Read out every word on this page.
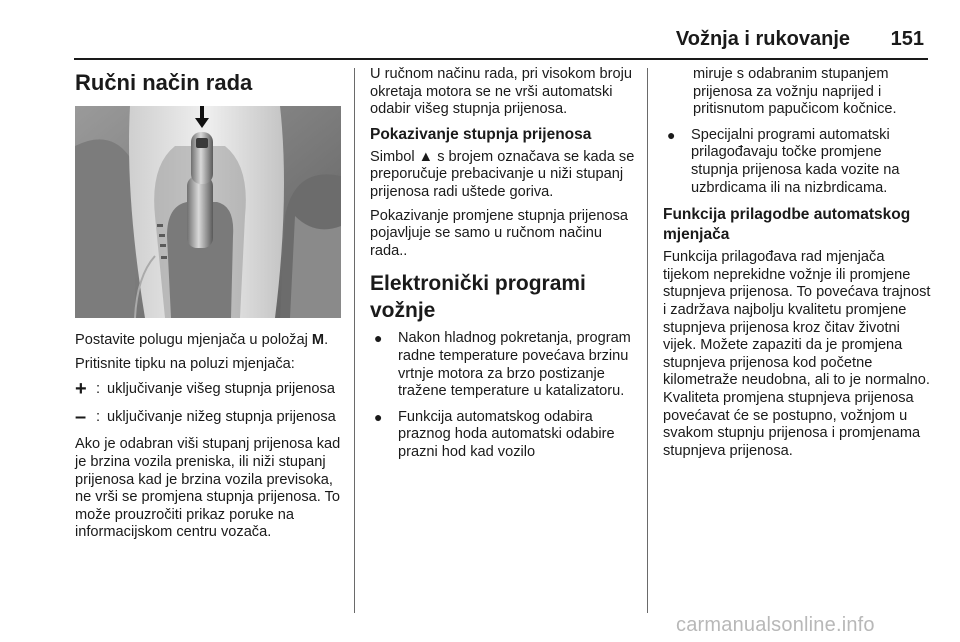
Vožnja i rukovanje 151
Ručni način rada

Postavite polugu mjenjača u položaj M.

Pritisnite tipku na poluzi mjenjača:

+ : uključivanje višeg stupnja prijenosa
– : uključivanje nižeg stupnja prijenosa

Ako je odabran viši stupanj prijenosa kad je brzina vozila preniska, ili niži stupanj prijenosa kad je brzina vozila previsoka, ne vrši se promjena stupnja prijenosa. To može prouzročiti prikaz poruke na informacijskom centru vozača.

U ručnom načinu rada, pri visokom broju okretaja motora se ne vrši automatski odabir višeg stupnja prijenosa.

Pokazivanje stupnja prijenosa

Simbol ▲ s brojem označava se kada se preporučuje prebacivanje u niži stupanj prijenosa radi uštede goriva.

Pokazivanje promjene stupnja prijenosa pojavljuje se samo u ručnom načinu rada..

Elektronički programi vožnje
● Nakon hladnog pokretanja, program radne temperature povećava brzinu vrtnje motora za brzo postizanje tražene temperature u katalizatoru.
● Funkcija automatskog odabira praznog hoda automatski odabire prazni hod kad vozilo
miruje s odabranim stupanjem prijenosa za vožnju naprijed i pritisnutom papučicom kočnice.
● Specijalni programi automatski prilagođavaju točke promjene stupnja prijenosa kada vozite na uzbrdicama ili na nizbrdicama.
Funkcija prilagodbe automatskog mjenjača

Funkcija prilagođava rad mjenjača tijekom neprekidne vožnje ili promjene stupnjeva prijenosa. To povećava trajnost i zadržava najbolju kvalitetu promjene stupnjeva prijenosa kroz čitav životni vijek. Možete zapaziti da je promjena stupnjeva prijenosa kod početne kilometraže neudobna, ali to je normalno. Kvaliteta promjena stupnjeva prijenosa povećavat će se postupno, vožnjom u svakom stupnju prijenosa i promjenama stupnjeva prijenosa.

carmanualsonline.info
